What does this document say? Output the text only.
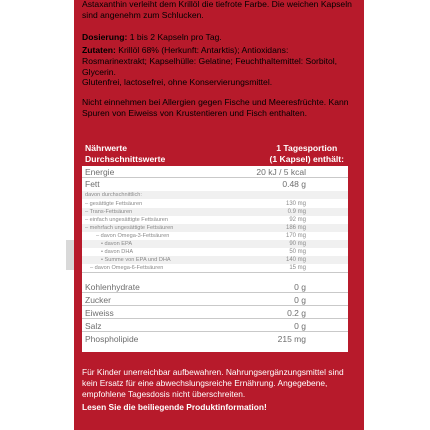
Astaxanthin verleiht dem Krillöl die tiefrote Farbe. Die weichen Kapseln sind angenehm zum Schlucken.
Dosierung: 1 bis 2 Kapseln pro Tag.
Zutaten: Krillöl 68% (Herkunft: Antarktis); Antioxidans: Rosmarinextrakt; Kapselhülle: Gelatine; Feuchthaltemittel: Sorbitol, Glycerin.
Glutenfrei, lactosefrei, ohne Konservierungsmittel.
Nicht einnehmen bei Allergien gegen Fische und Meeresfrüchte. Kann Spuren von Eiweiss von Krustentieren und Fisch enthalten.
Nährwerte
Durchschnittswerte
1 Tagesportion
(1 Kapsel) enthält:
Energie	20 kJ / 5 kcal
Fett	0.48 g
davon durchschnittlich:
– gesättigte Fettsäuren	130 mg
– Trans-Fettsäuren	0.9 mg
– einfach ungesättigte Fettsäuren	92 mg
– mehrfach ungesättigte Fettsäuren	186 mg
– davon Omega-3-Fettsäuren	170 mg
• davon EPA	90 mg
• davon DHA	50 mg
• Summe von EPA und DHA	140 mg
– davon Omega-6-Fettsäuren	15 mg
Kohlenhydrate	0 g
Zucker	0 g
Eiweiss	0.2 g
Salz	0 g
Phospholipide	215 mg
Für Kinder unerreichbar aufbewahren. Nahrungsergänzungsmittel sind kein Ersatz für eine abwechslungsreiche Ernährung. Angegebene, empfohlene Tagesdosis nicht überschreiten.
Lesen Sie die beiliegende Produktinformation!
